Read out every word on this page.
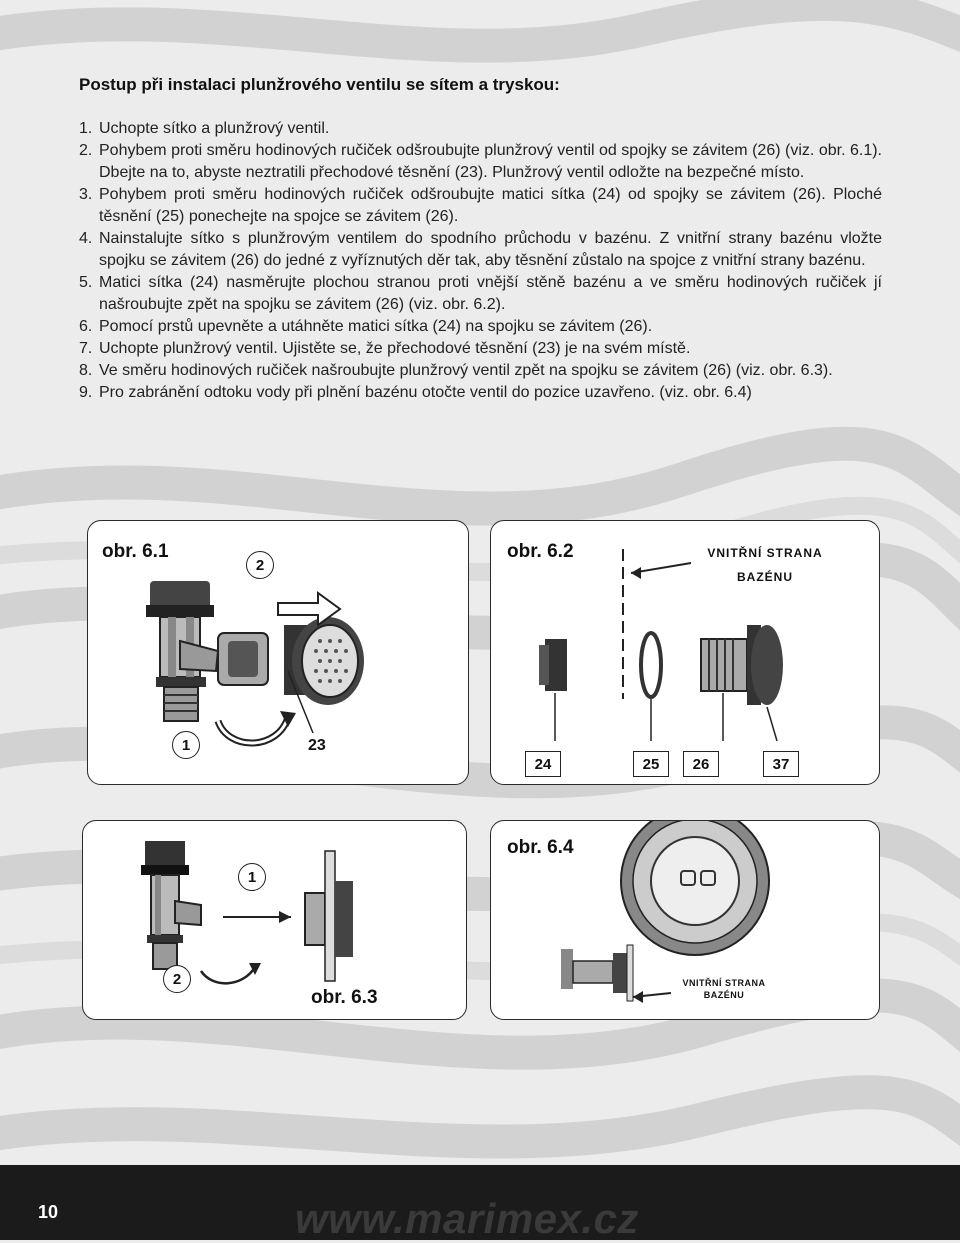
Postup při instalaci plunžrového ventilu se sítem a tryskou:
1. Uchopte sítko a plunžrový ventil.
2. Pohybem proti směru hodinových ručiček odšroubujte plunžrový ventil od spojky se závitem (26) (viz. obr. 6.1). Dbejte na to, abyste neztratili přechodové těsnění (23). Plunžrový ventil odložte na bezpečné místo.
3. Pohybem proti směru hodinových ručiček odšroubujte matici sítka (24) od spojky se závitem (26). Ploché těsnění (25) ponechejte na spojce se závitem (26).
4. Nainstalujte sítko s plunžrovým ventilem do spodního průchodu v bazénu. Z vnitřní strany bazénu vložte spojku se závitem (26) do jedné z vyříznutých děr tak, aby těsnění zůstalo na spojce z vnitřní strany bazénu.
5. Matici sítka (24) nasměrujte plochou stranou proti vnější stěně bazénu a ve směru hodinových ručiček jí našroubujte zpět na spojku se závitem (26) (viz. obr. 6.2).
6. Pomocí prstů upevněte a utáhněte matici sítka (24) na spojku se závitem (26).
7. Uchopte plunžrový ventil. Ujistěte se, že přechodové těsnění (23) je na svém místě.
8. Ve směru hodinových ručiček našroubujte plunžrový ventil zpět na spojku se závitem (26) (viz. obr. 6.3).
9. Pro zabránění odtoku vody při plnění bazénu otočte ventil do pozice uzavřeno. (viz. obr. 6.4)
obr. 6.1
2
1	23
obr. 6.2	VNITŘNÍ STRANA
BAZÉNU
24	25	26	37
1
2
obr. 6.3
obr. 6.4
VNITŘNÍ STRANA
BAZÉNU
10	www.marimex.cz
